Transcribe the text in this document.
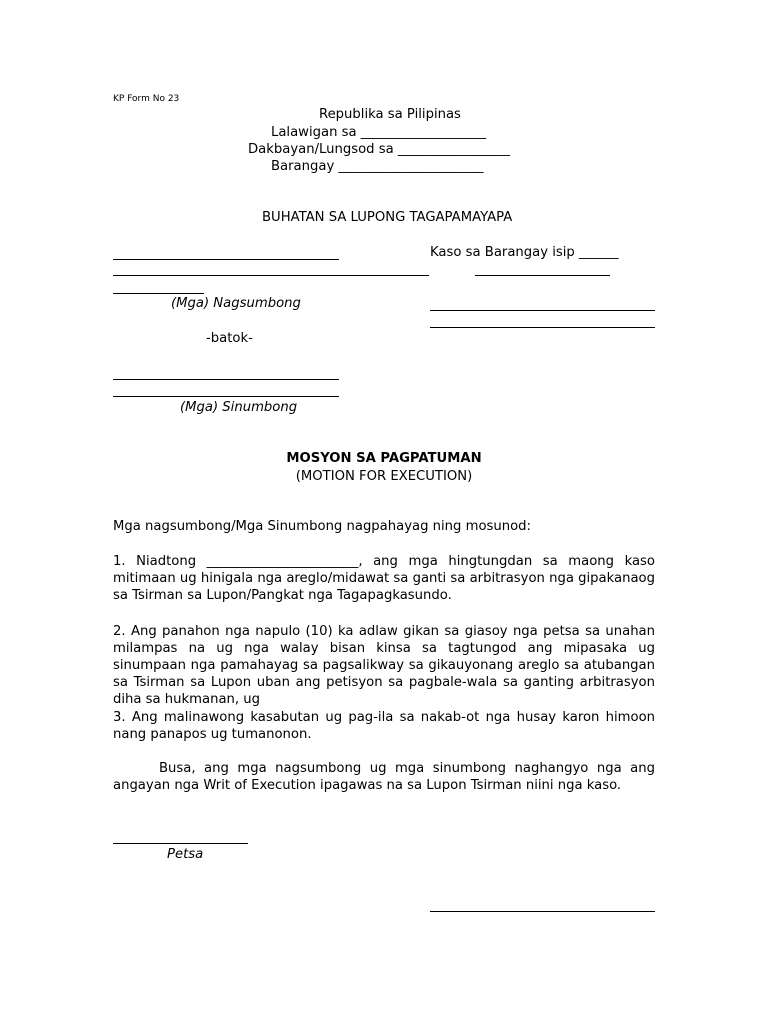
KP Form No 23
Republika sa Pilipinas
Lalawigan sa ___________________
Dakbayan/Lungsod sa _________________
Barangay ______________________
BUHATAN SA LUPONG TAGAPAMAYAPA
(Mga) Nagsumbong
-batok-
(Mga) Sinumbong
Kaso sa Barangay isip ______
MOSYON SA PAGPATUMAN
(MOTION FOR EXECUTION)
Mga nagsumbong/Mga Sinumbong nagpahayag ning mosunod:
1. Niadtong _______________________, ang mga hingtungdan sa maong kaso mitimaan ug hinigala nga areglo/midawat sa ganti sa arbitrasyon nga gipakanaog sa Tsirman sa Lupon/Pangkat nga Tagapagkasundo.
2. Ang panahon nga napulo (10) ka adlaw gikan sa giasoy nga petsa sa unahan milampas na ug nga walay bisan kinsa sa tagtungod ang mipasaka ug sinumpaan nga pamahayag sa pagsalikway sa gikauyonang areglo sa atubangan sa Tsirman sa Lupon uban ang petisyon sa pagbale-wala sa ganting arbitrasyon diha sa hukmanan, ug
3. Ang malinawong kasabutan ug pag-ila sa nakab-ot nga husay karon himoon nang panapos ug tumanonon.
Busa, ang mga nagsumbong ug mga sinumbong naghangyo nga ang angayan nga Writ of Execution ipagawas na sa Lupon Tsirman niini nga kaso.
Petsa
